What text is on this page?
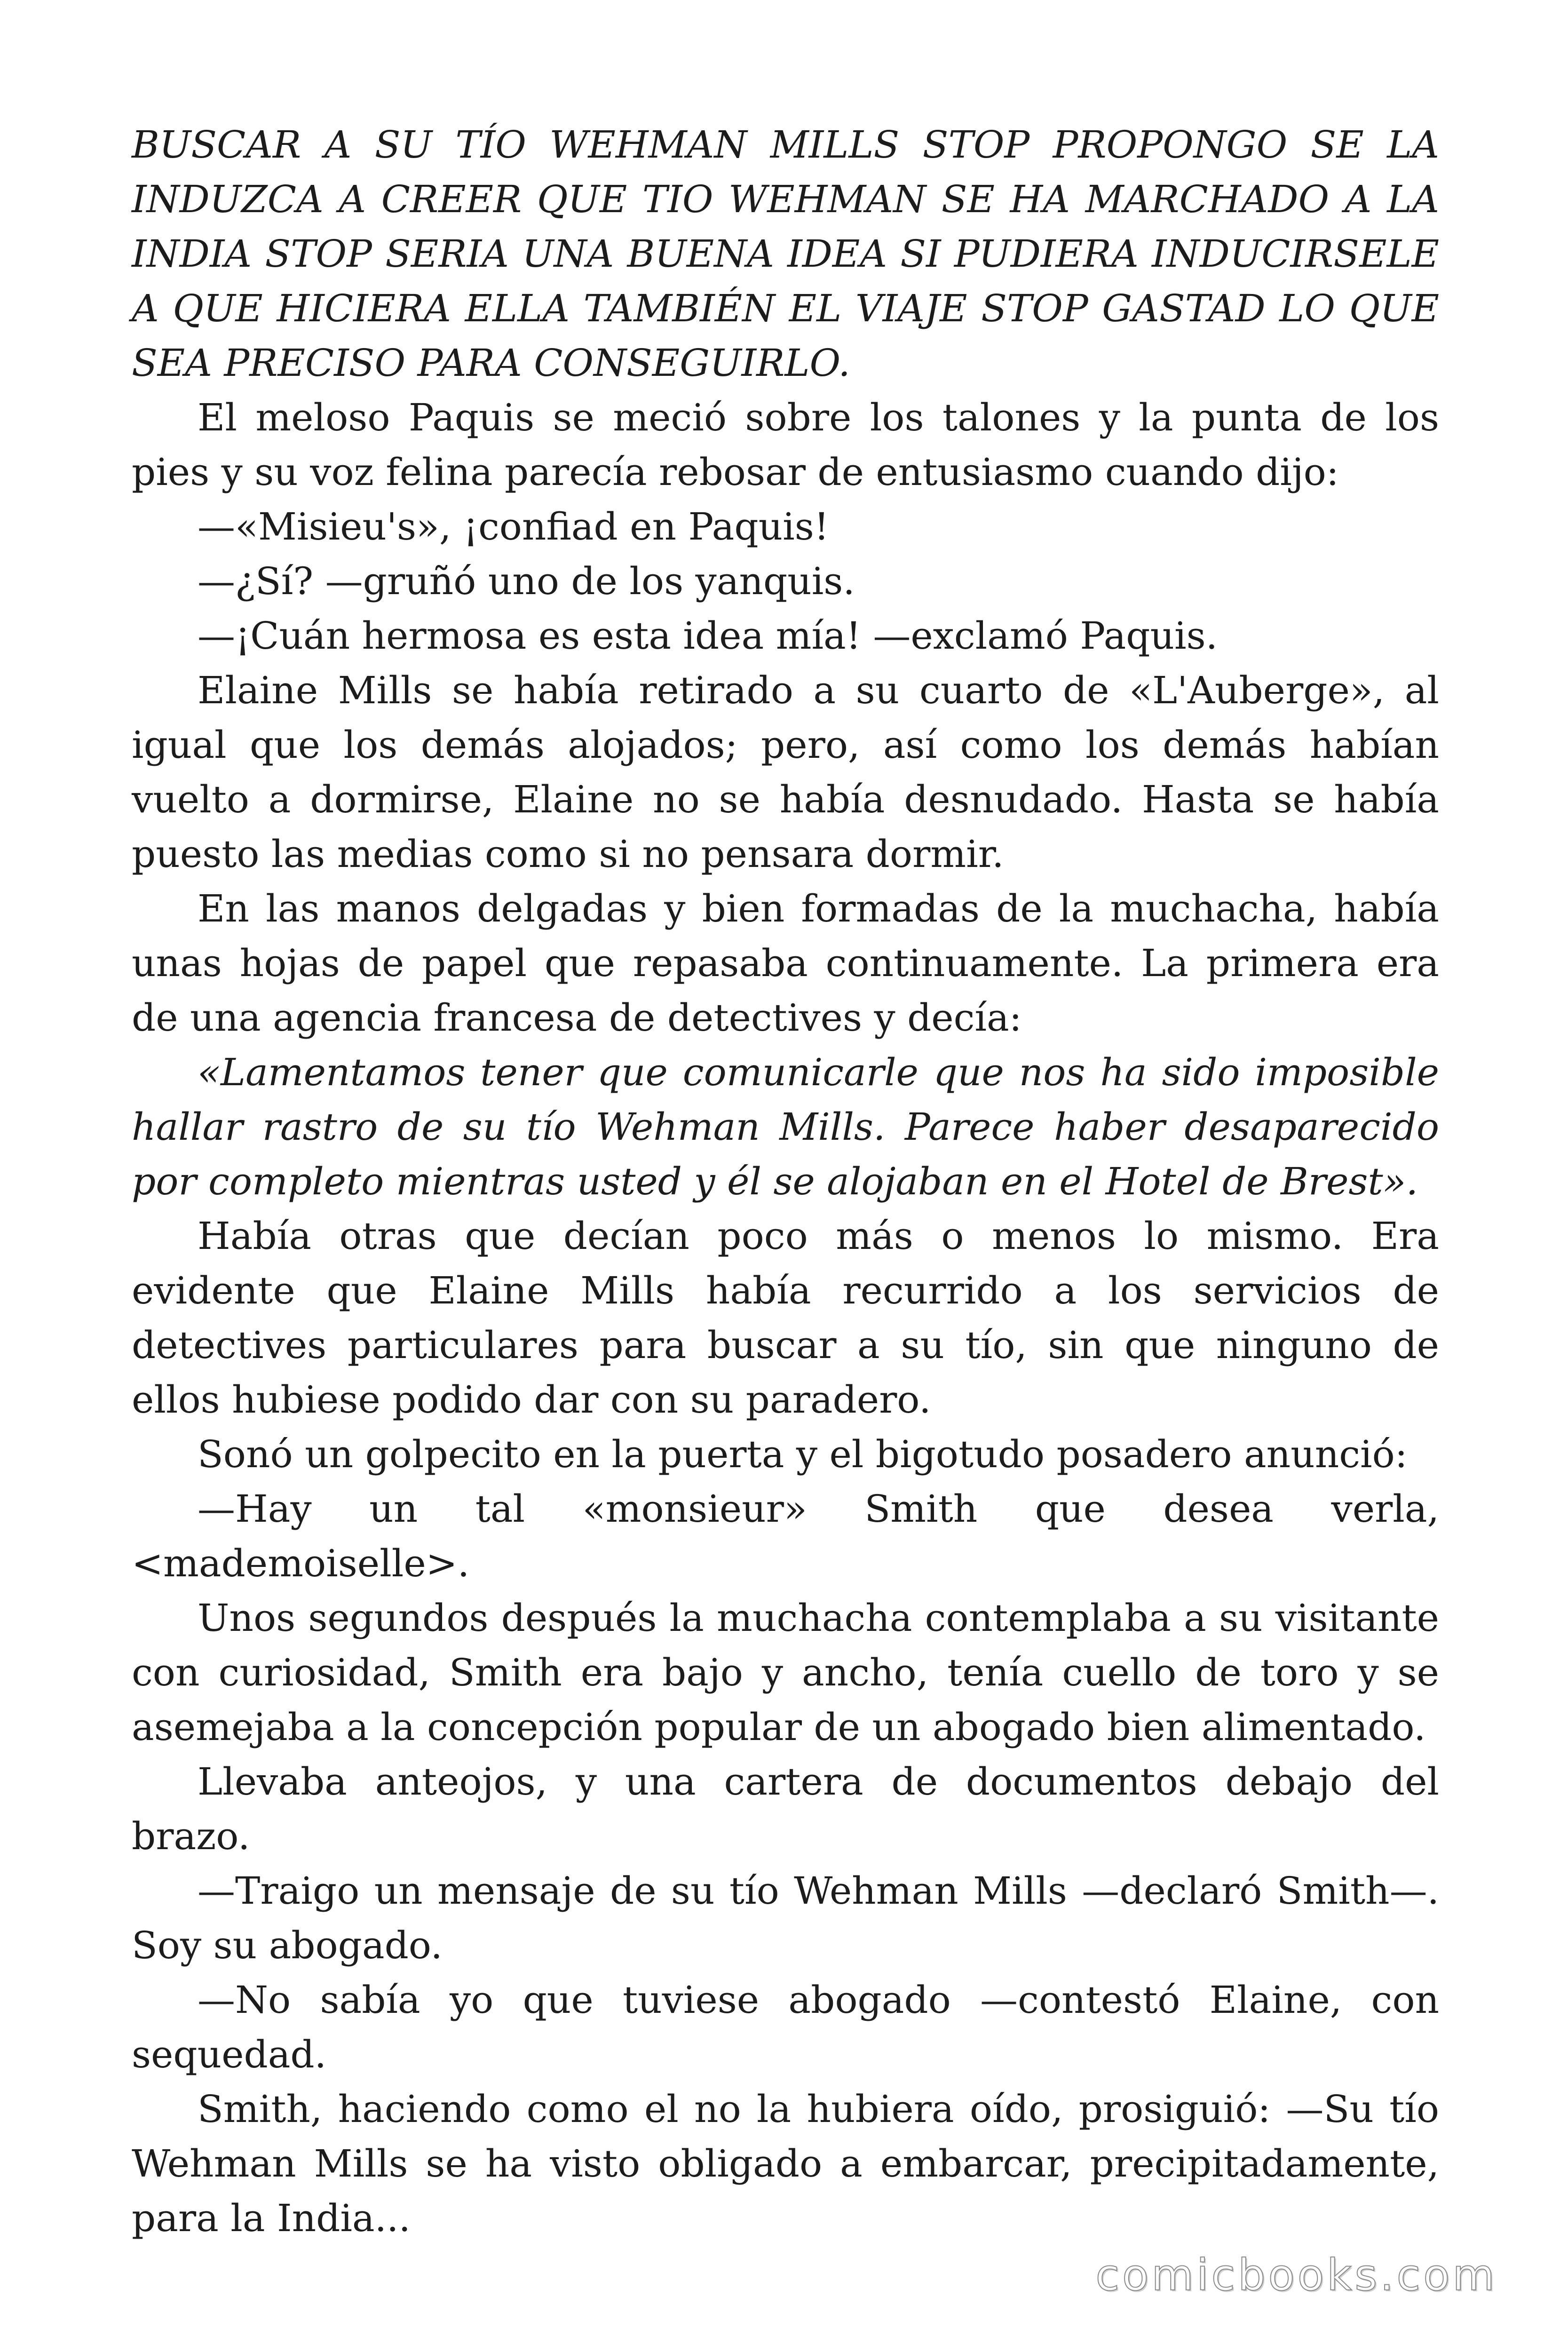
BUSCAR A SU TÍO WEHMAN MILLS STOP PROPONGO SE LA INDUZCA A CREER QUE TIO WEHMAN SE HA MARCHADO A LA INDIA STOP SERIA UNA BUENA IDEA SI PUDIERA INDUCIRSELE A QUE HICIERA ELLA TAMBIÉN EL VIAJE STOP GASTAD LO QUE SEA PRECISO PARA CONSEGUIRLO.

El meloso Paquis se meció sobre los talones y la punta de los pies y su voz felina parecía rebosar de entusiasmo cuando dijo:

—«Misieu's», ¡confiad en Paquis!

—¿Sí? —gruñó uno de los yanquis.

—¡Cuán hermosa es esta idea mía! —exclamó Paquis.

Elaine Mills se había retirado a su cuarto de «L'Auberge», al igual que los demás alojados; pero, así como los demás habían vuelto a dormirse, Elaine no se había desnudado. Hasta se había puesto las medias como si no pensara dormir.

En las manos delgadas y bien formadas de la muchacha, había unas hojas de papel que repasaba continuamente. La primera era de una agencia francesa de detectives y decía:

«Lamentamos tener que comunicarle que nos ha sido imposible hallar rastro de su tío Wehman Mills. Parece haber desaparecido por completo mientras usted y él se alojaban en el Hotel de Brest».

Había otras que decían poco más o menos lo mismo. Era evidente que Elaine Mills había recurrido a los servicios de detectives particulares para buscar a su tío, sin que ninguno de ellos hubiese podido dar con su paradero.

Sonó un golpecito en la puerta y el bigotudo posadero anunció:

—Hay un tal «monsieur» Smith que desea verla, <mademoiselle>.

Unos segundos después la muchacha contemplaba a su visitante con curiosidad, Smith era bajo y ancho, tenía cuello de toro y se asemejaba a la concepción popular de un abogado bien alimentado.

Llevaba anteojos, y una cartera de documentos debajo del brazo.

—Traigo un mensaje de su tío Wehman Mills —declaró Smith—. Soy su abogado.

—No sabía yo que tuviese abogado —contestó Elaine, con sequedad.

Smith, haciendo como el no la hubiera oído, prosiguió: —Su tío Wehman Mills se ha visto obligado a embarcar, precipitadamente, para la India...

comicbooks.com
